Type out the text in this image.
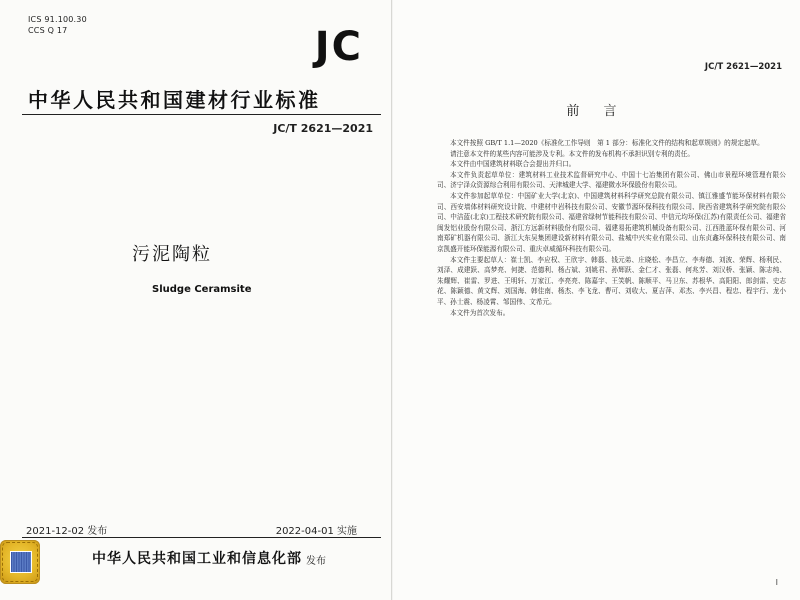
ICS 91.100.30
CCS Q 17	JC
中华人民共和国建材行业标准
JC/T 2621—2021
污泥陶粒
Sludge Ceramsite
2021-12-02 发布	2022-04-01 实施
中华人民共和国工业和信息化部 发布
JC/T 2621—2021
前 言

本文件按照 GB/T 1.1—2020《标准化工作导则　第 1 部分：标准化文件的结构和起草规则》的规定起草。

请注意本文件的某些内容可能涉及专利。本文件的发布机构不承担识别专利的责任。

本文件由中国建筑材料联合会提出并归口。

本文件负责起草单位：建筑材料工业技术监督研究中心、中国十七冶集团有限公司、佛山市景程环境管理有限公司、济宁泽众资源综合利用有限公司、天津城建大学、福建微水环保股份有限公司。

本文件参加起草单位：中国矿业大学(北京)、中国建筑材料科学研究总院有限公司、镇江雅盛节能环保材料有限公司、西安墙体材料研究设计院、中建材中岩科技有限公司、安徽节源环保科技有限公司、陕西省建筑科学研究院有限公司、中洁蓝(北京)工程技术研究院有限公司、福建省绿树节能科技有限公司、中信元均环保(江苏)有限责任公司、福建省闽发铝业股份有限公司、浙江方远新材料股份有限公司、福建易拓建筑机械设备有限公司、江西胜蓝环保有限公司、河南郑矿机器有限公司、浙江大东吴集团建设新材料有限公司、盐城中兴实业有限公司、山东贞鑫环保科技有限公司、南京凯盛开能环保能源有限公司、重庆卓威循环科技有限公司。

本文件主要起草人：崔士凯、李应权、王欣宇、韩磊、钱元弟、庄晓松、李昌立、李寿德、刘波、荣辉、杨利民、刘泽、成建跃、高梦亮、何捷、范德利、杨占斌、刘姚君、孙辉跃、金仁才、张磊、何兆芳、刘汉桥、张颖、陈志纯、朱耀辉、崔雷、罗进、王明轩、万家江、李亮亮、陈嘉宇、王笑帆、陈顺平、马卫东、苏根华、高阳阳、郎剑雷、史志花、陈颖德、黄文辉、刘国海、韩佳南、杨杰、李飞龙、曹可、刘收大、夏吉萍、邓杰、李兴昌、程忠、程宇行、龙小平、孙士震、杨凌霄、邹国伟、文希元。

本文件为首次发布。

I
